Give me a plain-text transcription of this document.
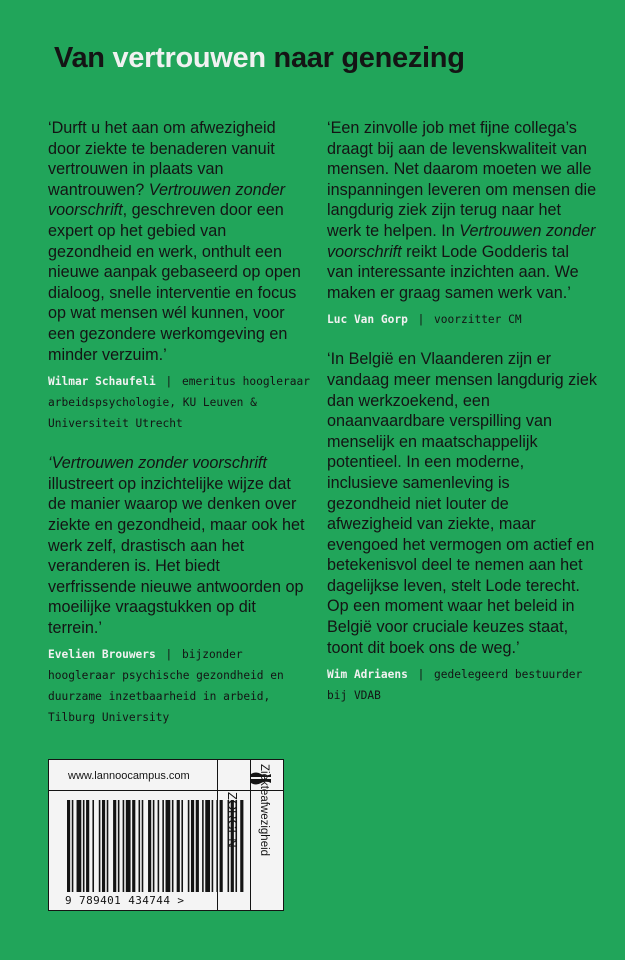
Van vertrouwen naar genezing

‘Durft u het aan om afwezigheid door ziekte te benaderen vanuit vertrouwen in plaats van wantrouwen? Vertrouwen zonder voorschrift, geschreven door een expert op het gebied van gezondheid en werk, onthult een nieuwe aanpak gebaseerd op open dialoog, snelle interventie en focus op wat mensen wél kunnen, voor een gezondere werkomgeving en minder verzuim.’

Wilmar Schaufeli | emeritus hoogleraar arbeidspsychologie, KU Leuven & Universiteit Utrecht

‘Vertrouwen zonder voorschrift illustreert op inzichtelijke wijze dat de manier waarop we denken over ziekte en gezondheid, maar ook het werk zelf, drastisch aan het veranderen is. Het biedt verfrissende nieuwe antwoorden op moeilijke vraagstukken op dit terrein.’

Evelien Brouwers | bijzonder hoogleraar psychische gezondheid en duurzame inzetbaarheid in arbeid, Tilburg University

‘Een zinvolle job met fijne collega’s draagt bij aan de levenskwaliteit van mensen. Net daarom moeten we alle inspanningen leveren om mensen die langdurig ziek zijn terug naar het werk te helpen. In Vertrouwen zonder voorschrift reikt Lode Godderis tal van interessante inzichten aan. We maken er graag samen werk van.’

Luc Van Gorp | voorzitter CM

‘In België en Vlaanderen zijn er vandaag meer mensen langdurig ziek dan werkzoekend, een onaanvaardbare verspilling van menselijk en maatschappelijk potentieel. In een moderne, inclusieve samenleving is gezondheid niet louter de afwezigheid van ziekte, maar evengoed het vermogen om actief en betekenisvol deel te nemen aan het dagelijkse leven, stelt Lode terecht. Op een moment waar het beleid in België voor cruciale keuzes staat, toont dit boek ons de weg.’

Wim Adriaens | gedelegeerd bestuurder bij VDAB

www.lannoocampus.com
9 789401 434744 >
ZORGEN Ziekteafwezigheid
